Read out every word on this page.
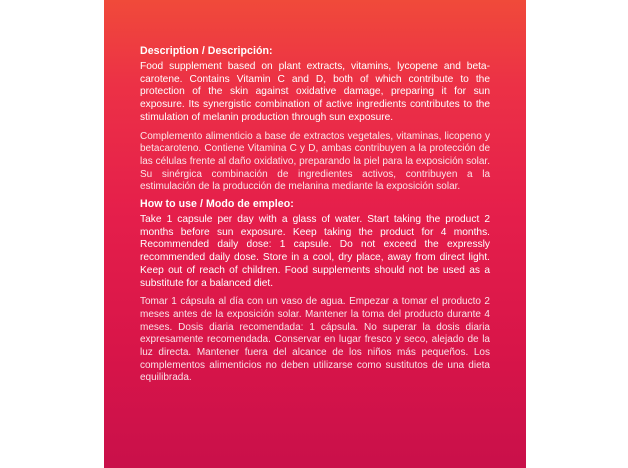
Description / Descripción:

Food supplement based on plant extracts, vitamins, lycopene and beta-carotene. Contains Vitamin C and D, both of which contribute to the protection of the skin against oxidative damage, preparing it for sun exposure. Its synergistic combination of active ingredients contributes to the stimulation of melanin production through sun exposure.

Complemento alimenticio a base de extractos vegetales, vitaminas, licopeno y betacaroteno. Contiene Vitamina C y D, ambas contribuyen a la protección de las células frente al daño oxidativo, preparando la piel para la exposición solar. Su sinérgica combinación de ingredientes activos, contribuyen a la estimulación de la producción de melanina mediante la exposición solar.

How to use / Modo de empleo:

Take 1 capsule per day with a glass of water. Start taking the product 2 months before sun exposure. Keep taking the product for 4 months. Recommended daily dose: 1 capsule. Do not exceed the expressly recommended daily dose. Store in a cool, dry place, away from direct light. Keep out of reach of children. Food supplements should not be used as a substitute for a balanced diet.

Tomar 1 cápsula al día con un vaso de agua. Empezar a tomar el producto 2 meses antes de la exposición solar. Mantener la toma del producto durante 4 meses. Dosis diaria recomendada: 1 cápsula. No superar la dosis diaria expresamente recomendada. Conservar en lugar fresco y seco, alejado de la luz directa. Mantener fuera del alcance de los niños más pequeños. Los complementos alimenticios no deben utilizarse como sustitutos de una dieta equilibrada.
